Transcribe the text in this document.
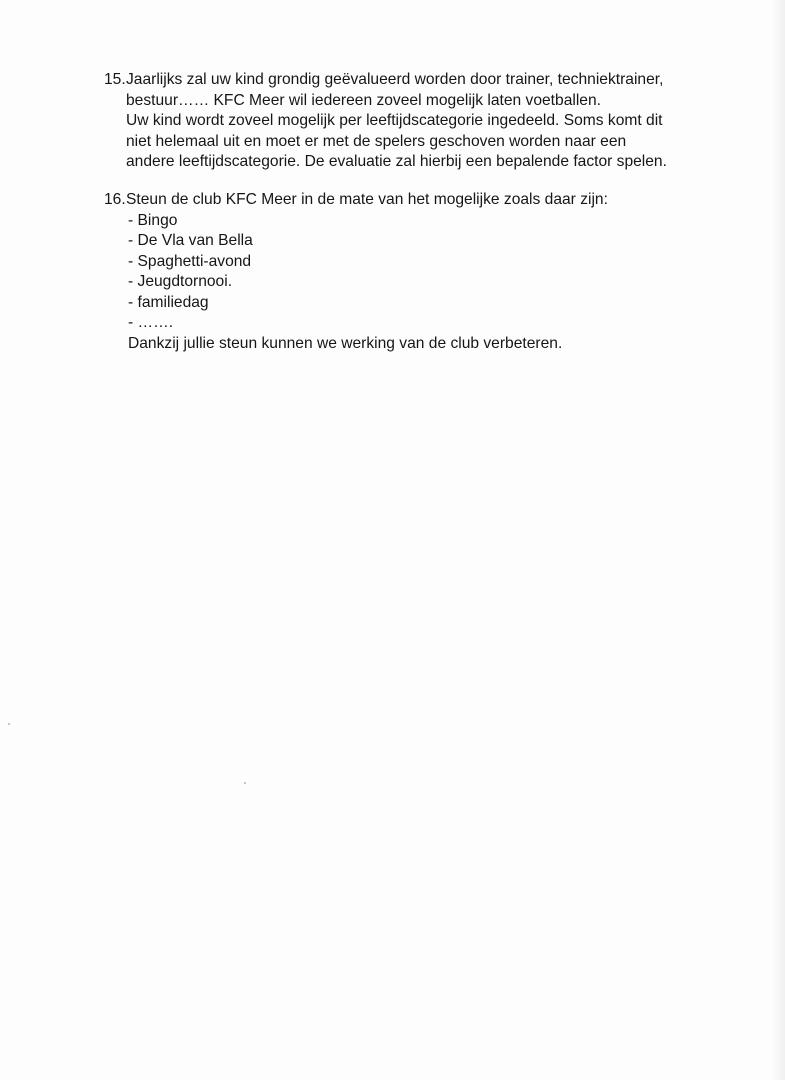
15. Jaarlijks zal uw kind grondig geëvalueerd worden door trainer, techniektrainer,
bestuur…… KFC Meer wil iedereen zoveel mogelijk laten voetballen.
Uw kind wordt zoveel mogelijk per leeftijdscategorie ingedeeld. Soms komt dit
niet helemaal uit en moet er met de spelers geschoven worden naar een
andere leeftijdscategorie. De evaluatie zal hierbij een bepalende factor spelen.
16. Steun de club KFC Meer in de mate van het mogelijke zoals daar zijn:
- Bingo
- De Vla van Bella
- Spaghetti-avond
- Jeugdtornooi.
- familiedag
- …….
Dankzij jullie steun kunnen we werking van de club verbeteren.
